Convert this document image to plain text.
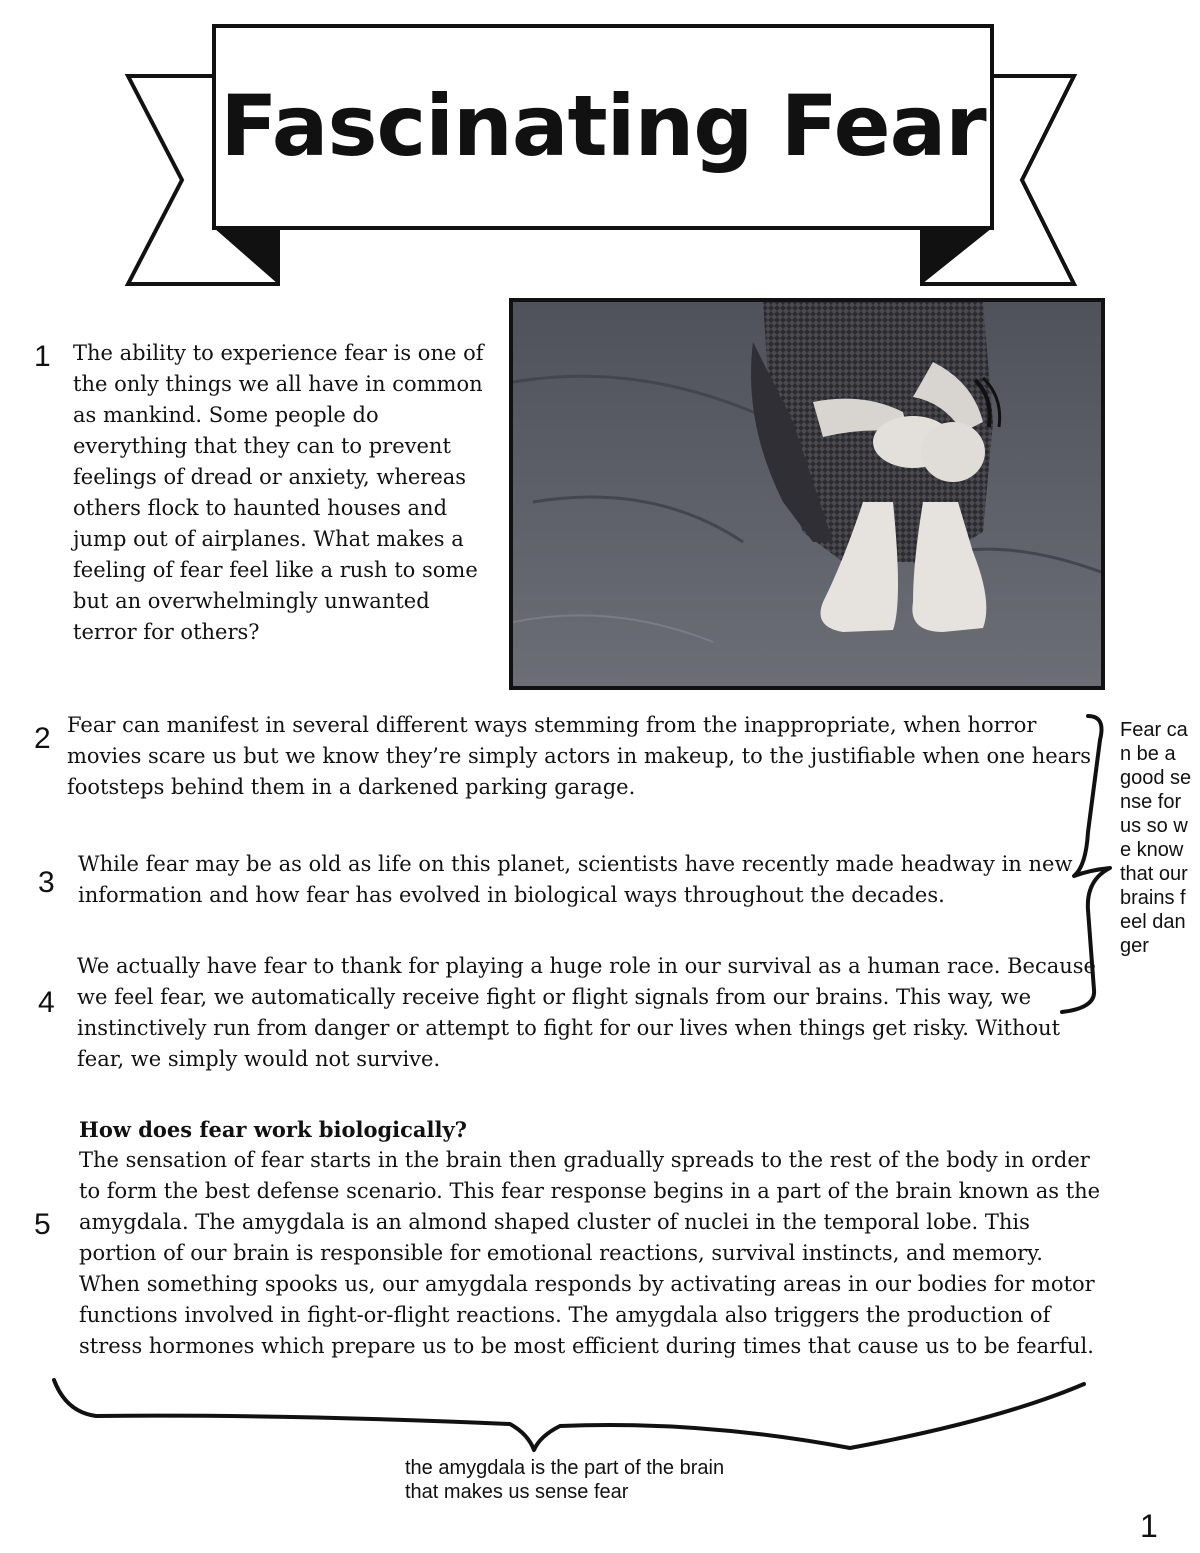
Fascinating Fear
1 The ability to experience fear is one of the only things we all have in common as mankind. Some people do everything that they can to prevent feelings of dread or anxiety, whereas others flock to haunted houses and jump out of airplanes. What makes a feeling of fear feel like a rush to some but an overwhelmingly unwanted terror for others?

2 Fear can manifest in several different ways stemming from the inappropriate, when horror movies scare us but we know they’re simply actors in makeup, to the justifiable when one hears footsteps behind them in a darkened parking garage.

3

While fear may be as old as life on this planet, scientists have recently made headway in new information and how fear has evolved in biological ways throughout the decades.

4

We actually have fear to thank for playing a huge role in our survival as a human race. Because we feel fear, we automatically receive fight or flight signals from our brains. This way, we instinctively run from danger or attempt to fight for our lives when things get risky. Without fear, we simply would not survive.

5
How does fear work biologically?

The sensation of fear starts in the brain then gradually spreads to the rest of the body in order to form the best defense scenario. This fear response begins in a part of the brain known as the amygdala. The amygdala is an almond shaped cluster of nuclei in the temporal lobe. This portion of our brain is responsible for emotional reactions, survival instincts, and memory. When something spooks us, our amygdala responds by activating areas in our bodies for motor functions involved in fight-or-flight reactions. The amygdala also triggers the production of stress hormones which prepare us to be most efficient during times that cause us to be fearful.

Fear can be a good sense for us so we know that our brains feel danger
the amygdala is the part of the brain that makes us sense fear
1
